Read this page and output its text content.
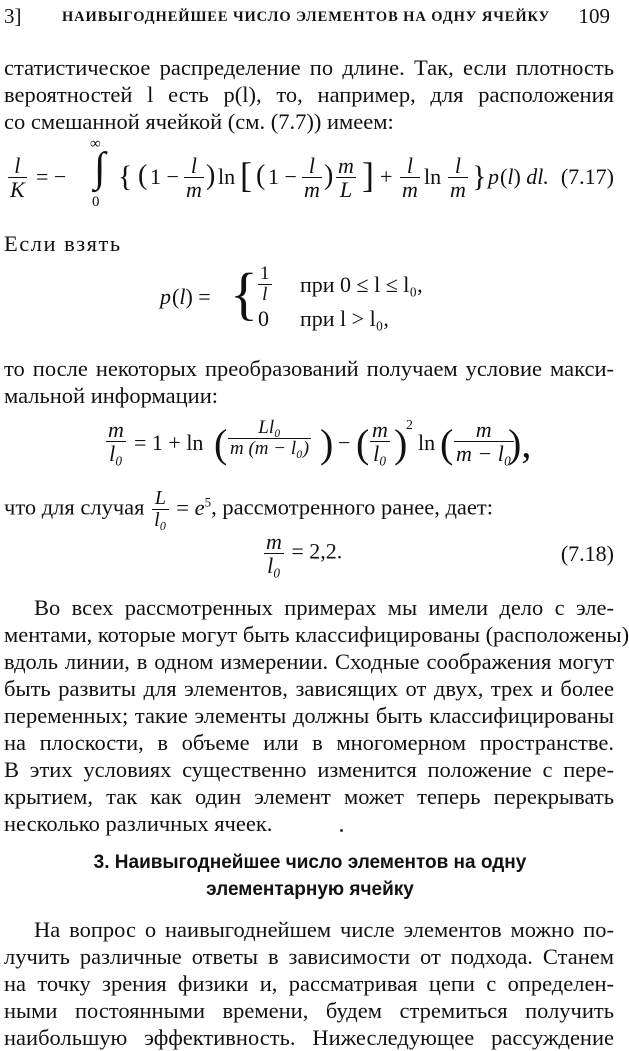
3]	НАИВЫГОДНЕЙШЕЕ ЧИСЛО ЭЛЕМЕНТОВ НА ОДНУ ЯЧЕЙКУ 109
статистическое распределение по длине. Так, если плотность
вероятностей l есть p(l), то, например, для расположения
со смешанной ячейкой (см. (7.7)) имеем:
$\frac{l}{K}$ = −
∞
∫
0
{ ( $1 - \frac{l}{m}$ ) ln [ ( $1 - \frac{l}{m}$ ) $\frac{m}{L}$ ] + $\frac{l}{m}$ $\ln \frac{l}{m}$ } p (l) dl. (7.17)
Если взять
p (l) = { $\frac{1}{l}$ при 0 ≤ l ≤ l₀,
0 при l > l₀,
то после некоторых преобразований получаем условие макси-
мальной информации:
$\frac{m}{\text{l₀}} = 1 + \ln$ ( $\frac{\text{Ll₀}}{\text{m (m − l₀)}}$ ) − ( $\frac{m}{\text{l₀}}$ )
2
ln ( $\frac{m}{\text{m − l₀}}$
),
что для случая $\frac{L}{\text{l₀}} = e^5$, рассмотренного ранее, дает:
$\frac{m}{\text{l₀}} = 2,2$.	(7.18)
Во всех рассмотренных примерах мы имели дело с эле-
ментами, которые могут быть классифицированы (расположены)
вдоль линии, в одном измерении. Сходные соображения могут
быть развиты для элементов, зависящих от двух, трех и более
переменных; такие элементы должны быть классифицированы
на плоскости, в объеме или в многомерном пространстве.
В этих условиях существенно изменится положение с пере-
крытием, так как один элемент может теперь перекрывать
несколько различных ячеек.
3. Наивыгоднейшее число элементов на одну
элементарную ячейку
На вопрос о наивыгоднейшем числе элементов можно по-
лучить различные ответы в зависимости от подхода. Станем
на точку зрения физики и, рассматривая цепи с определен-
ными постоянными времени, будем стремиться получить
наибольшую эффективность. Нижеследующее рассуждение
